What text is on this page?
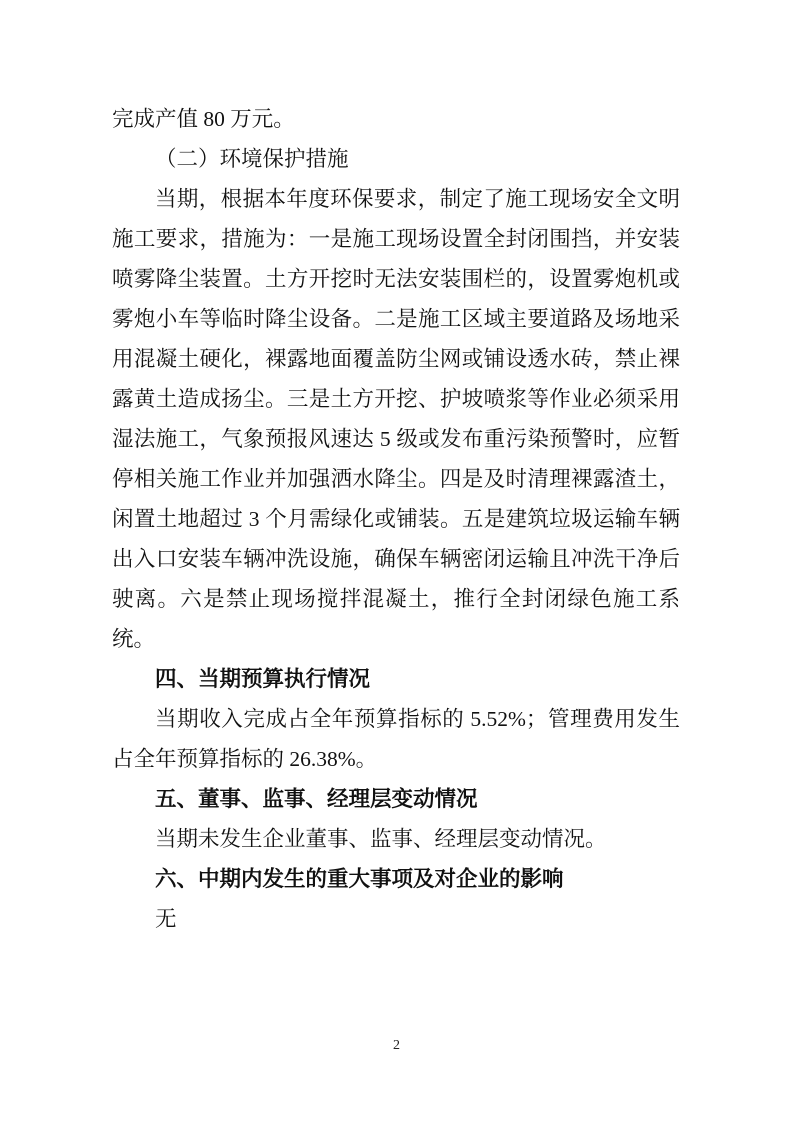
完成产值 80 万元。

（二）环境保护措施

当期，根据本年度环保要求，制定了施工现场安全文明施工要求，措施为：一是施工现场设置全封闭围挡，并安装喷雾降尘装置。土方开挖时无法安装围栏的，设置雾炮机或雾炮小车等临时降尘设备。二是施工区域主要道路及场地采用混凝土硬化，裸露地面覆盖防尘网或铺设透水砖，禁止裸露黄土造成扬尘。三是土方开挖、护坡喷浆等作业必须采用湿法施工，气象预报风速达 5 级或发布重污染预警时，应暂停相关施工作业并加强洒水降尘。四是及时清理裸露渣土，闲置土地超过 3 个月需绿化或铺装。五是建筑垃圾运输车辆出入口安装车辆冲洗设施，确保车辆密闭运输且冲洗干净后驶离。六是禁止现场搅拌混凝土，推行全封闭绿色施工系统。

四、当期预算执行情况

当期收入完成占全年预算指标的 5.52%；管理费用发生占全年预算指标的 26.38%。

五、董事、监事、经理层变动情况

当期未发生企业董事、监事、经理层变动情况。

六、中期内发生的重大事项及对企业的影响

无

2
